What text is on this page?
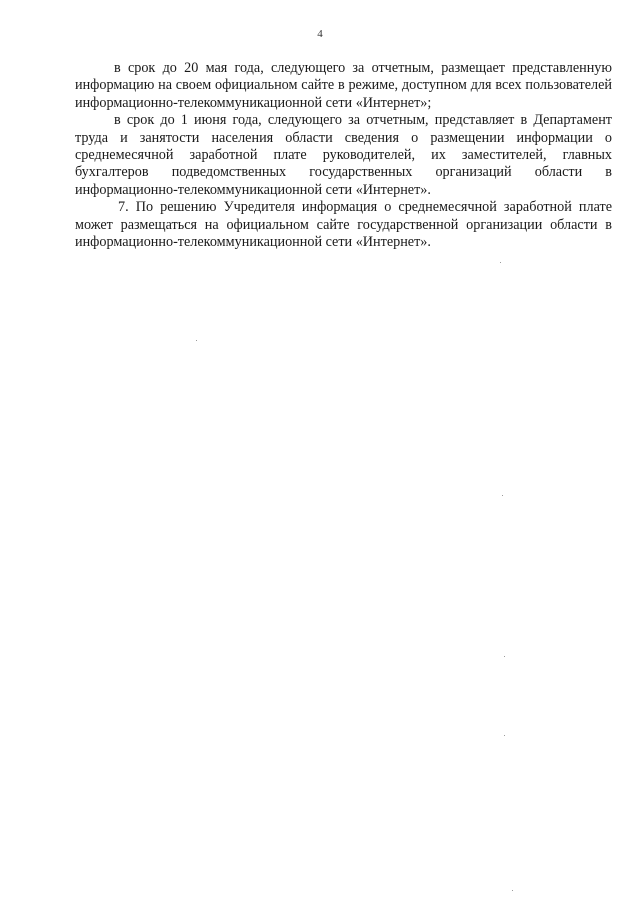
4

в срок до 20 мая года, следующего за отчетным, размещает представленную информацию на своем официальном сайте в режиме, доступном для всех пользователей информационно-телекоммуникационной сети «Интернет»;

в срок до 1 июня года, следующего за отчетным, представляет в Департамент труда и занятости населения области сведения о размещении информации о среднемесячной заработной плате руководителей, их заместителей, главных бухгалтеров подведомственных государственных организаций области в информационно-телекоммуникационной сети «Интернет».

7. По решению Учредителя информация о среднемесячной заработной плате может размещаться на официальном сайте государственной организации области в информационно-телекоммуникационной сети «Интернет».
